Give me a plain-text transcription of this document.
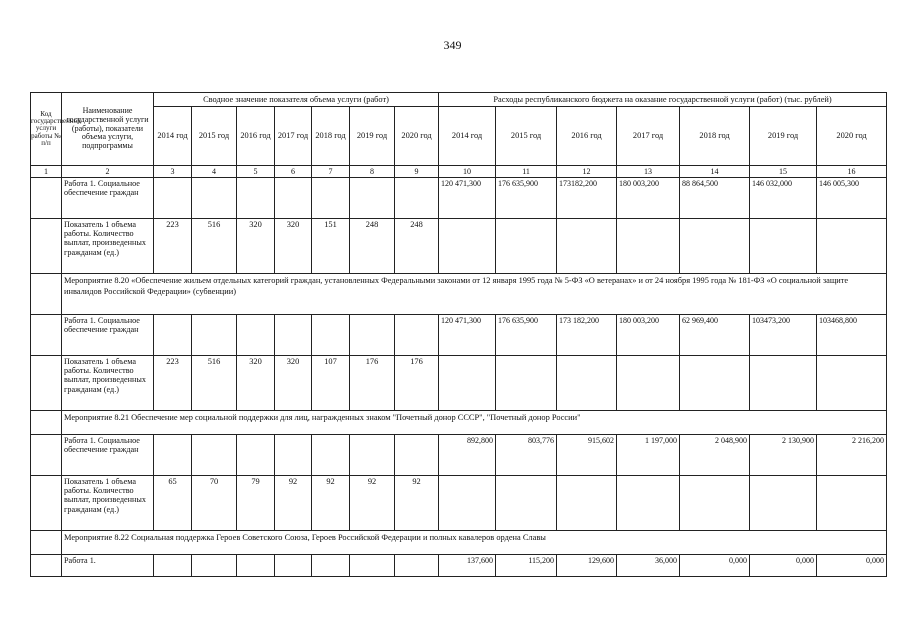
349
Код государственной услуги работы № п/п	Наименование государственной услуги (работы), показатели объема услуги, подпрограммы	Сводное значение показателя объема услуги (работ)							Расходы республиканского бюджета на оказание государственной услуги (работ) (тыс. рублей)						
		2014 год	2015 год	2016 год	2017 год	2018 год	2019 год	2020 год	2014 год	2015 год	2016 год	2017 год	2018 год	2019 год	2020 год
1	2	3	4	5	6	7	8	9	10	11	12	13	14	15	16
	Работа 1. Социальное обеспечение граждан								120 471,300	176 635,900	173182,200	180 003,200	88 864,500	146 032,000	146 005,300
	Показатель 1 объема работы. Количество выплат, произведенных гражданам (ед.)	223	516	320	320	151	248	248							
	Мероприятие 8.20 «Обеспечение жильем отдельных категорий граждан, установленных Федеральными законами от 12 января 1995 года № 5-ФЗ «О ветеранах» и от 24 ноября 1995 года № 181-ФЗ «О социальной защите инвалидов Российской Федерации» (субвенции)														
	Работа 1. Социальное обеспечение граждан								120 471,300	176 635,900	173 182,200	180 003,200	62 969,400	103473,200	103468,800
	Показатель 1 объема работы. Количество выплат, произведенных гражданам (ед.)	223	516	320	320	107	176	176							
	Мероприятие 8.21 Обеспечение мер социальной поддержки для лиц, награжденных знаком "Почетный донор СССР", "Почетный донор России"														
	Работа 1. Социальное обеспечение граждан								892,800	803,776	915,602	1 197,000	2 048,900	2 130,900	2 216,200
	Показатель 1 объема работы. Количество выплат, произведенных гражданам (ед.)	65	70	79	92	92	92	92							
	Мероприятие 8.22 Социальная поддержка Героев Советского Союза, Героев Российской Федерации и полных кавалеров ордена Славы														
	Работа 1.								137,600	115,200	129,600	36,000	0,000	0,000	0,000
